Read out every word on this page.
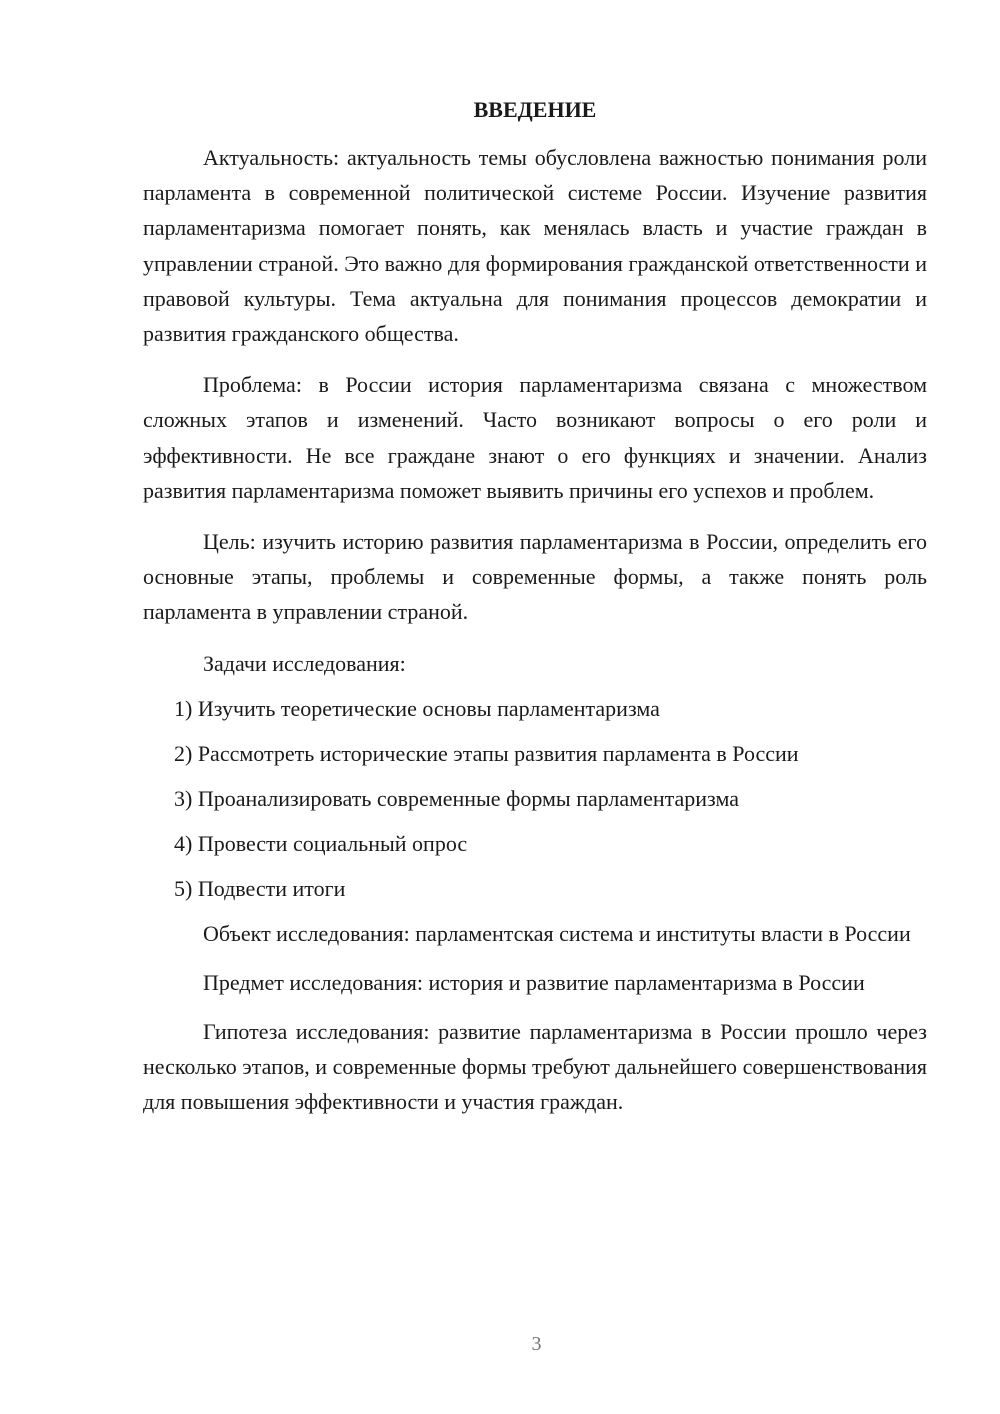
ВВЕДЕНИЕ

Актуальность: актуальность темы обусловлена важностью понимания роли парламента в современной политической системе России. Изучение развития парламентаризма помогает понять, как менялась власть и участие граждан в управлении страной. Это важно для формирования гражданской ответственности и правовой культуры. Тема актуальна для понимания процессов демократии и развития гражданского общества.

Проблема: в России история парламентаризма связана с множеством сложных этапов и изменений. Часто возникают вопросы о его роли и эффективности. Не все граждане знают о его функциях и значении. Анализ развития парламентаризма поможет выявить причины его успехов и проблем.

Цель: изучить историю развития парламентаризма в России, определить его основные этапы, проблемы и современные формы, а также понять роль парламента в управлении страной.

Задачи исследования:
1) Изучить теоретические основы парламентаризма
2) Рассмотреть исторические этапы развития парламента в России
3) Проанализировать современные формы парламентаризма
4) Провести социальный опрос
5) Подвести итоги

Объект исследования: парламентская система и институты власти в России

Предмет исследования: история и развитие парламентаризма в России

Гипотеза исследования: развитие парламентаризма в России прошло через несколько этапов, и современные формы требуют дальнейшего совершенствования для повышения эффективности и участия граждан.

3
